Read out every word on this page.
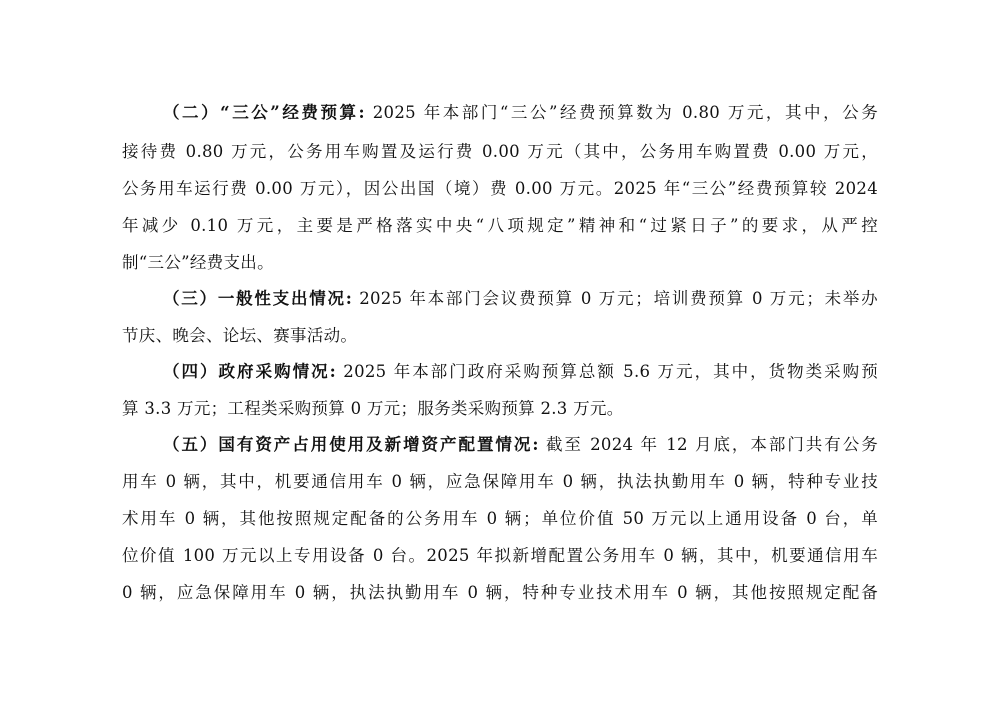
（二）“三公”经费预算: 2025 年本部门“三公”经费预算数为 0.80 万元，其中，公务
接待费 0.80 万元，公务用车购置及运行费 0.00 万元（其中，公务用车购置费 0.00 万元，
公务用车运行费 0.00 万元），因公出国（境）费 0.00 万元。2025 年“三公”经费预算较 2024
年减少 0.10 万元，主要是严格落实中央“八项规定”精神和“过紧日子”的要求，从严控
制“三公”经费支出。
（三）一般性支出情况: 2025 年本部门会议费预算 0 万元；培训费预算 0 万元；未举办
节庆、晚会、论坛、赛事活动。
（四）政府采购情况: 2025 年本部门政府采购预算总额 5.6 万元，其中，货物类采购预
算 3.3 万元；工程类采购预算 0 万元；服务类采购预算 2.3 万元。
（五）国有资产占用使用及新增资产配置情况: 截至 2024 年 12 月底，本部门共有公务
用车 0 辆，其中，机要通信用车 0 辆，应急保障用车 0 辆，执法执勤用车 0 辆，特种专业技
术用车 0 辆，其他按照规定配备的公务用车 0 辆；单位价值 50 万元以上通用设备 0 台，单
位价值 100 万元以上专用设备 0 台。2025 年拟新增配置公务用车 0 辆，其中，机要通信用车
0 辆，应急保障用车 0 辆，执法执勤用车 0 辆，特种专业技术用车 0 辆，其他按照规定配备
